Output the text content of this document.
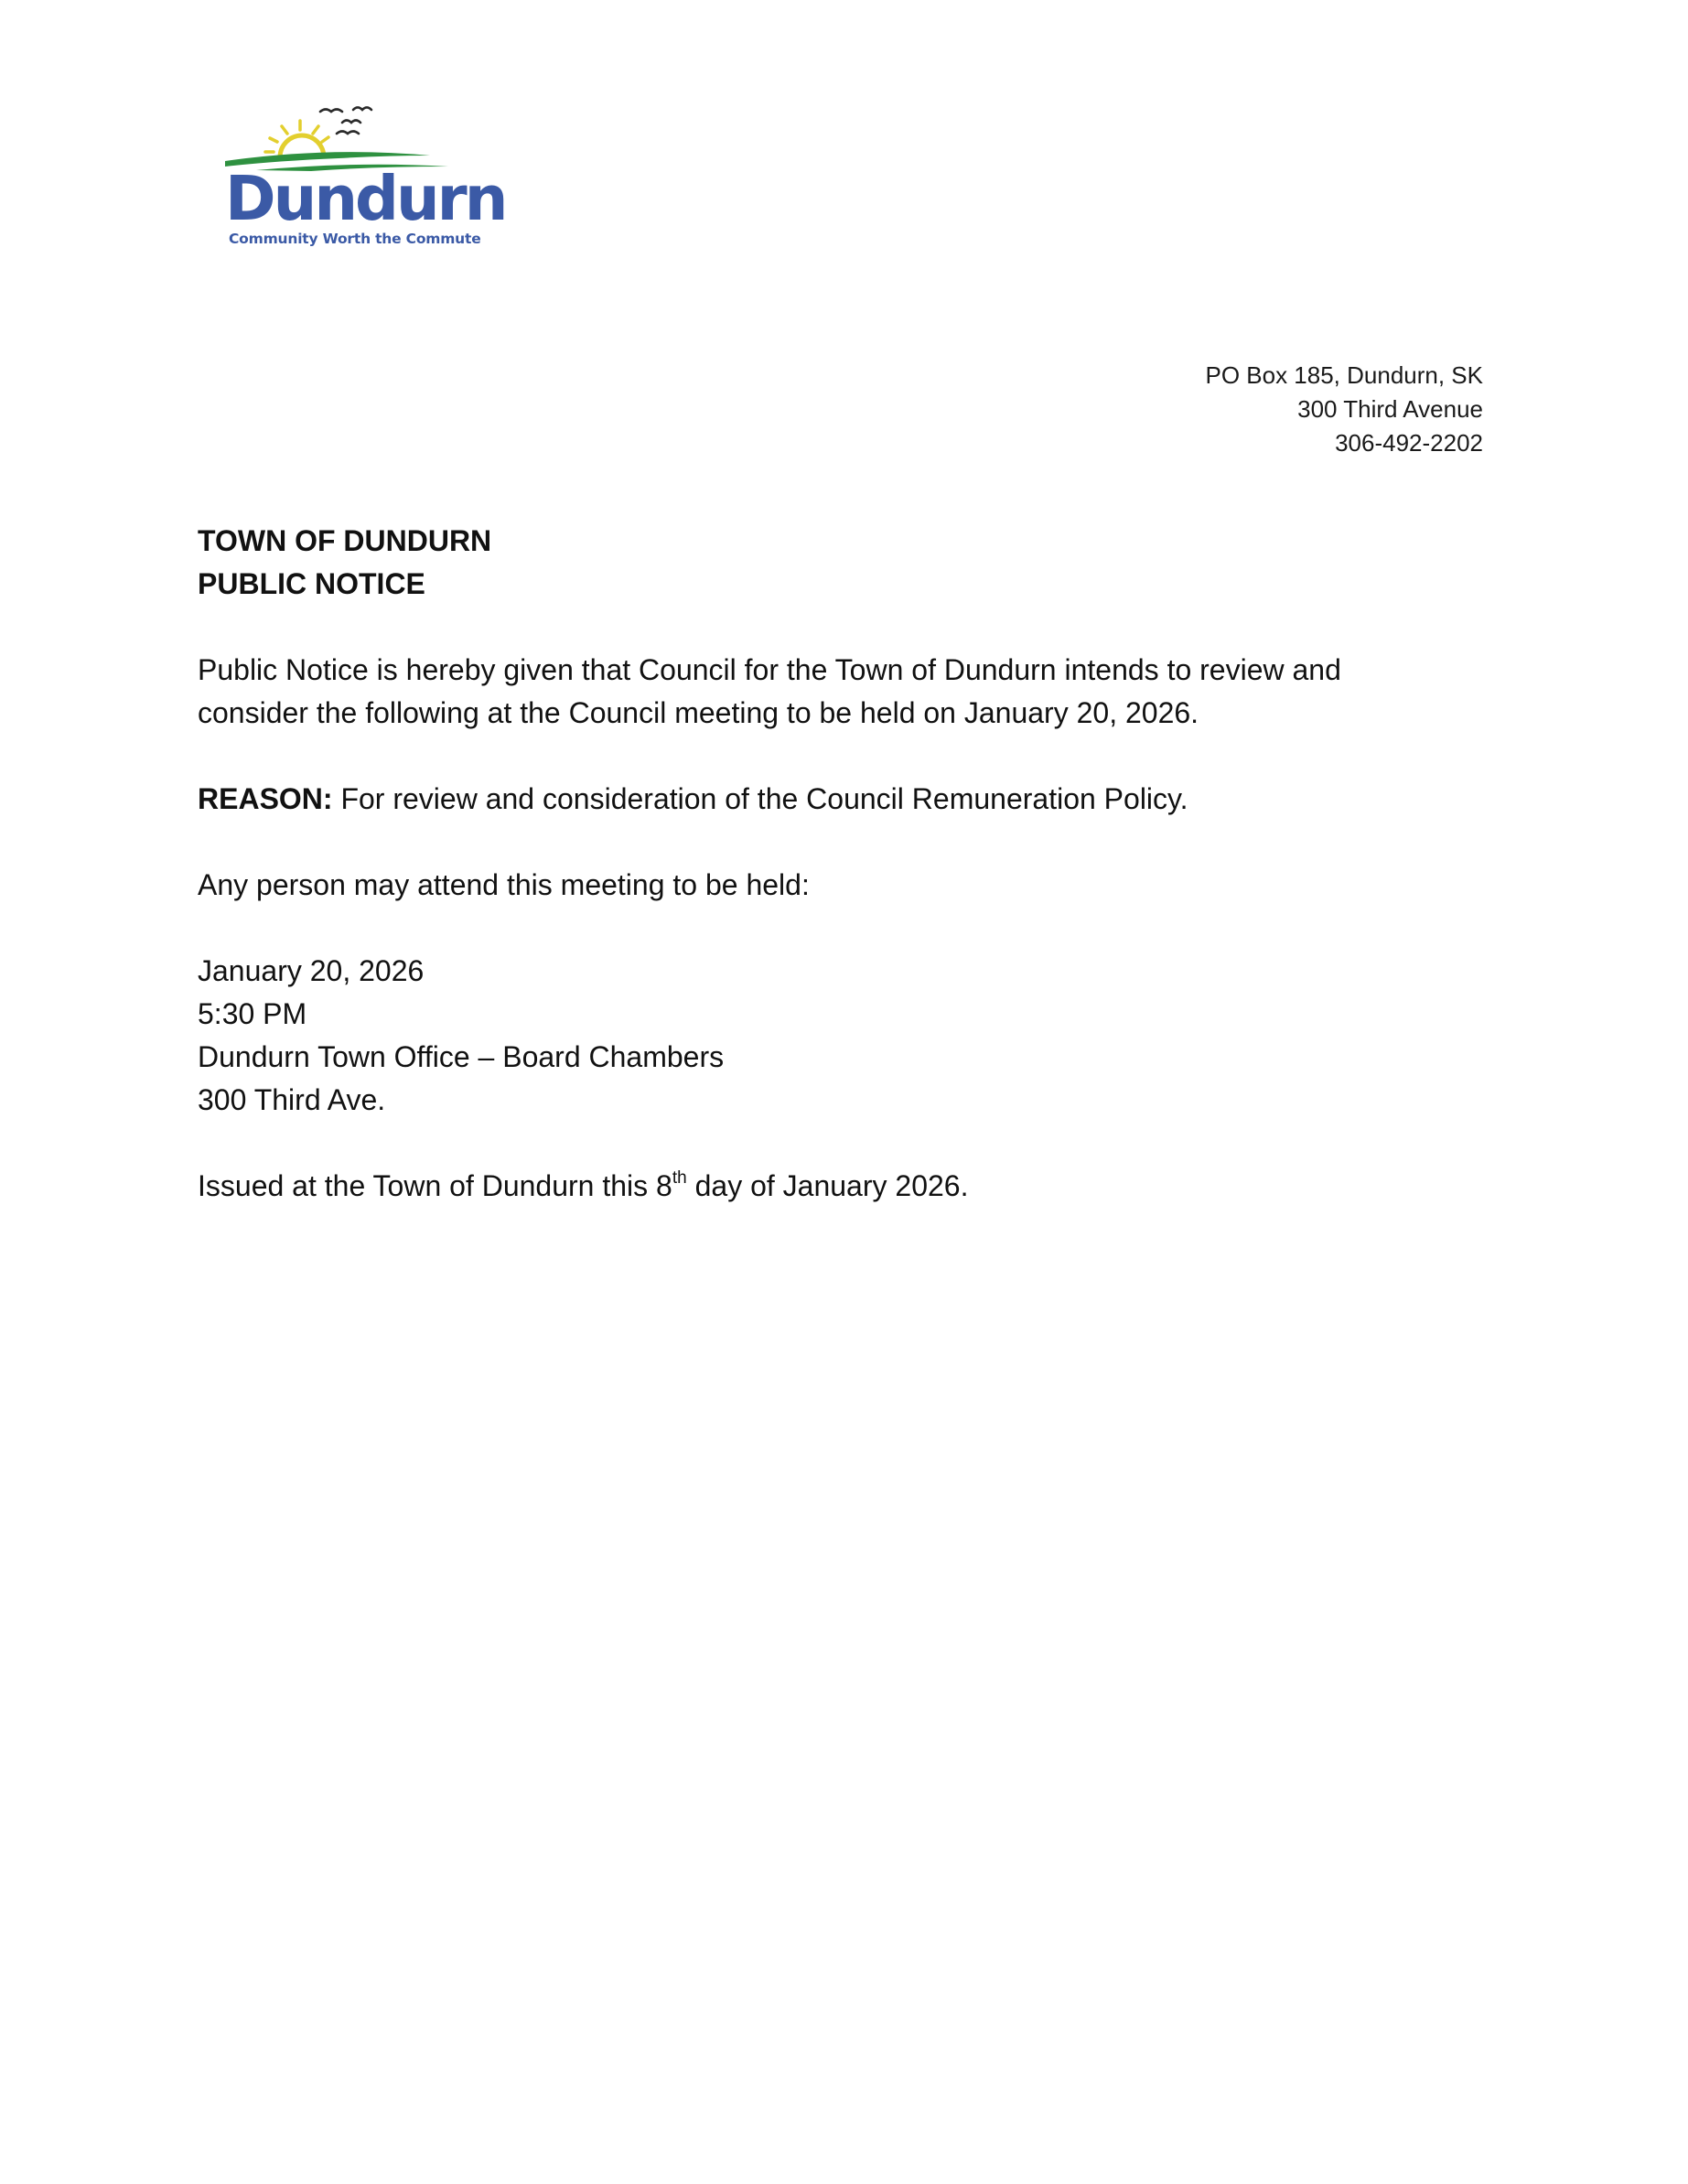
Dundurn
Community Worth the Commute
PO Box 185, Dundurn, SK
300 Third Avenue
306-492-2202
TOWN OF DUNDURN
PUBLIC NOTICE
Public Notice is hereby given that Council for the Town of Dundurn intends to review and
consider the following at the Council meeting to be held on January 20, 2026.
REASON: For review and consideration of the Council Remuneration Policy.
Any person may attend this meeting to be held:
January 20, 2026
5:30 PM
Dundurn Town Office – Board Chambers
300 Third Ave.
Issued at the Town of Dundurn this 8th day of January 2026.
